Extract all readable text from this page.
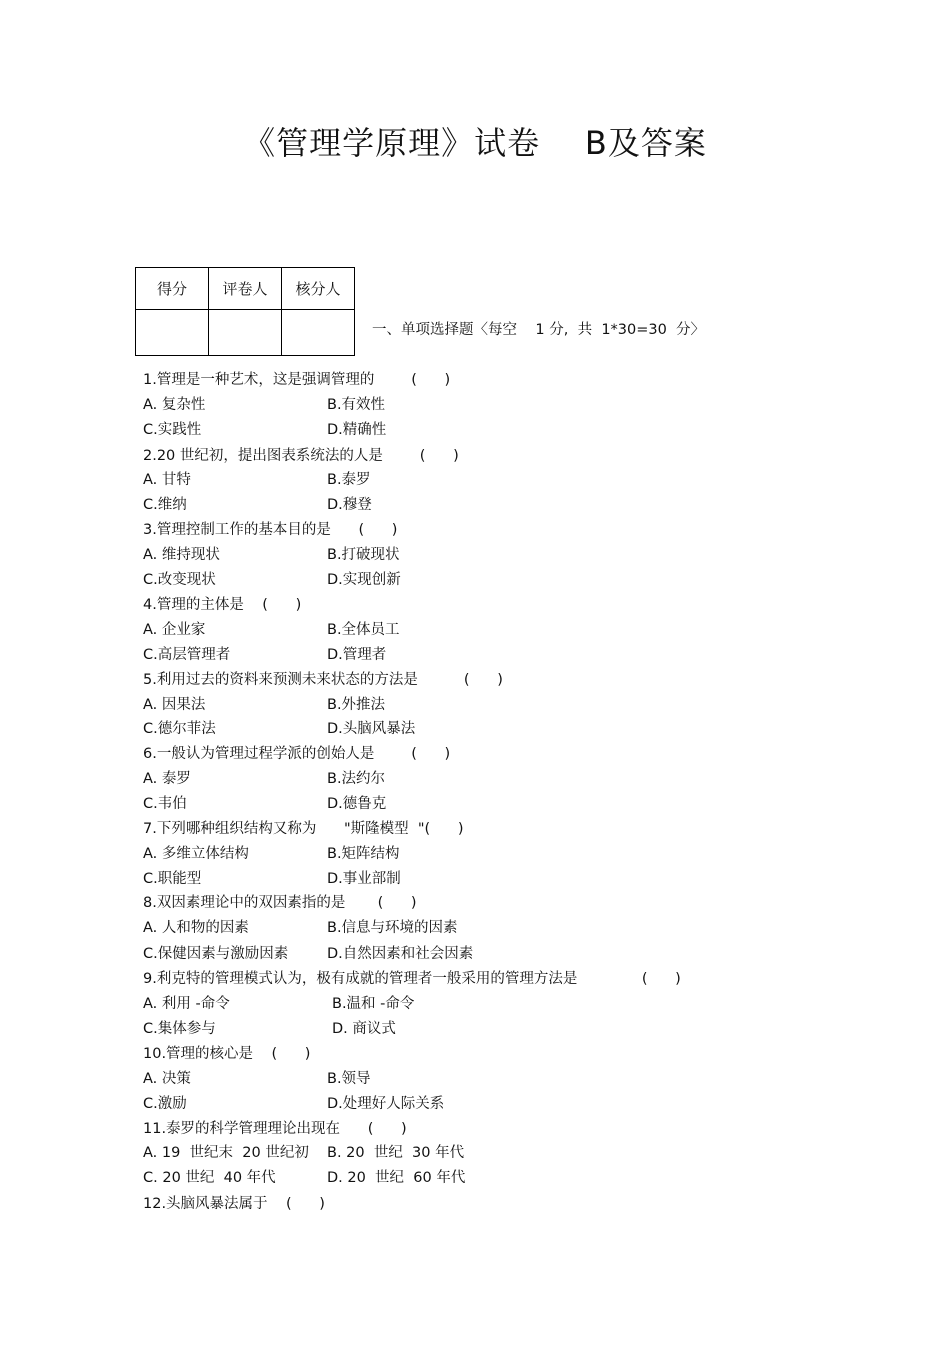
《管理学原理》试卷    B及答案
得分	评卷人	核分人

一、单项选择题〈每空    1 分,  共  1*30=30  分〉
1.管理是一种艺术，这是强调管理的        (      )
A. 复杂性	B.有效性
C.实践性	D.精确性
2.20 世纪初，提出图表系统法的人是        (      )
A. 甘特	B.泰罗
C.维纳	D.穆登
3.管理控制工作的基本目的是      (      )
A. 维持现状	B.打破现状
C.改变现状	D.实现创新
4.管理的主体是    (      )
A. 企业家	B.全体员工
C.高层管理者	D.管理者
5.利用过去的资料来预测未来状态的方法是          (      )
A. 因果法	B.外推法
C.德尔菲法	D.头脑风暴法
6.一般认为管理过程学派的创始人是        (      )
A. 泰罗	B.法约尔
C.韦伯	D.德鲁克
7.下列哪种组织结构又称为      "斯隆模型  "(      )
A. 多维立体结构	B.矩阵结构
C.职能型	D.事业部制
8.双因素理论中的双因素指的是       (      )
A. 人和物的因素	B.信息与环境的因素
C.保健因素与激励因素	D.自然因素和社会因素
9.利克特的管理模式认为，极有成就的管理者一般采用的管理方法是              (      )
A. 利用 -命令	B.温和 -命令
C.集体参与	D. 商议式
10.管理的核心是    (      )
A. 决策	B.领导
C.激励	D.处理好人际关系
11.泰罗的科学管理理论出现在      (      )
A. 19  世纪末  20 世纪初 B. 20  世纪  30 年代
C. 20 世纪  40 年代	D. 20  世纪  60 年代
12.头脑风暴法属于    (      )
